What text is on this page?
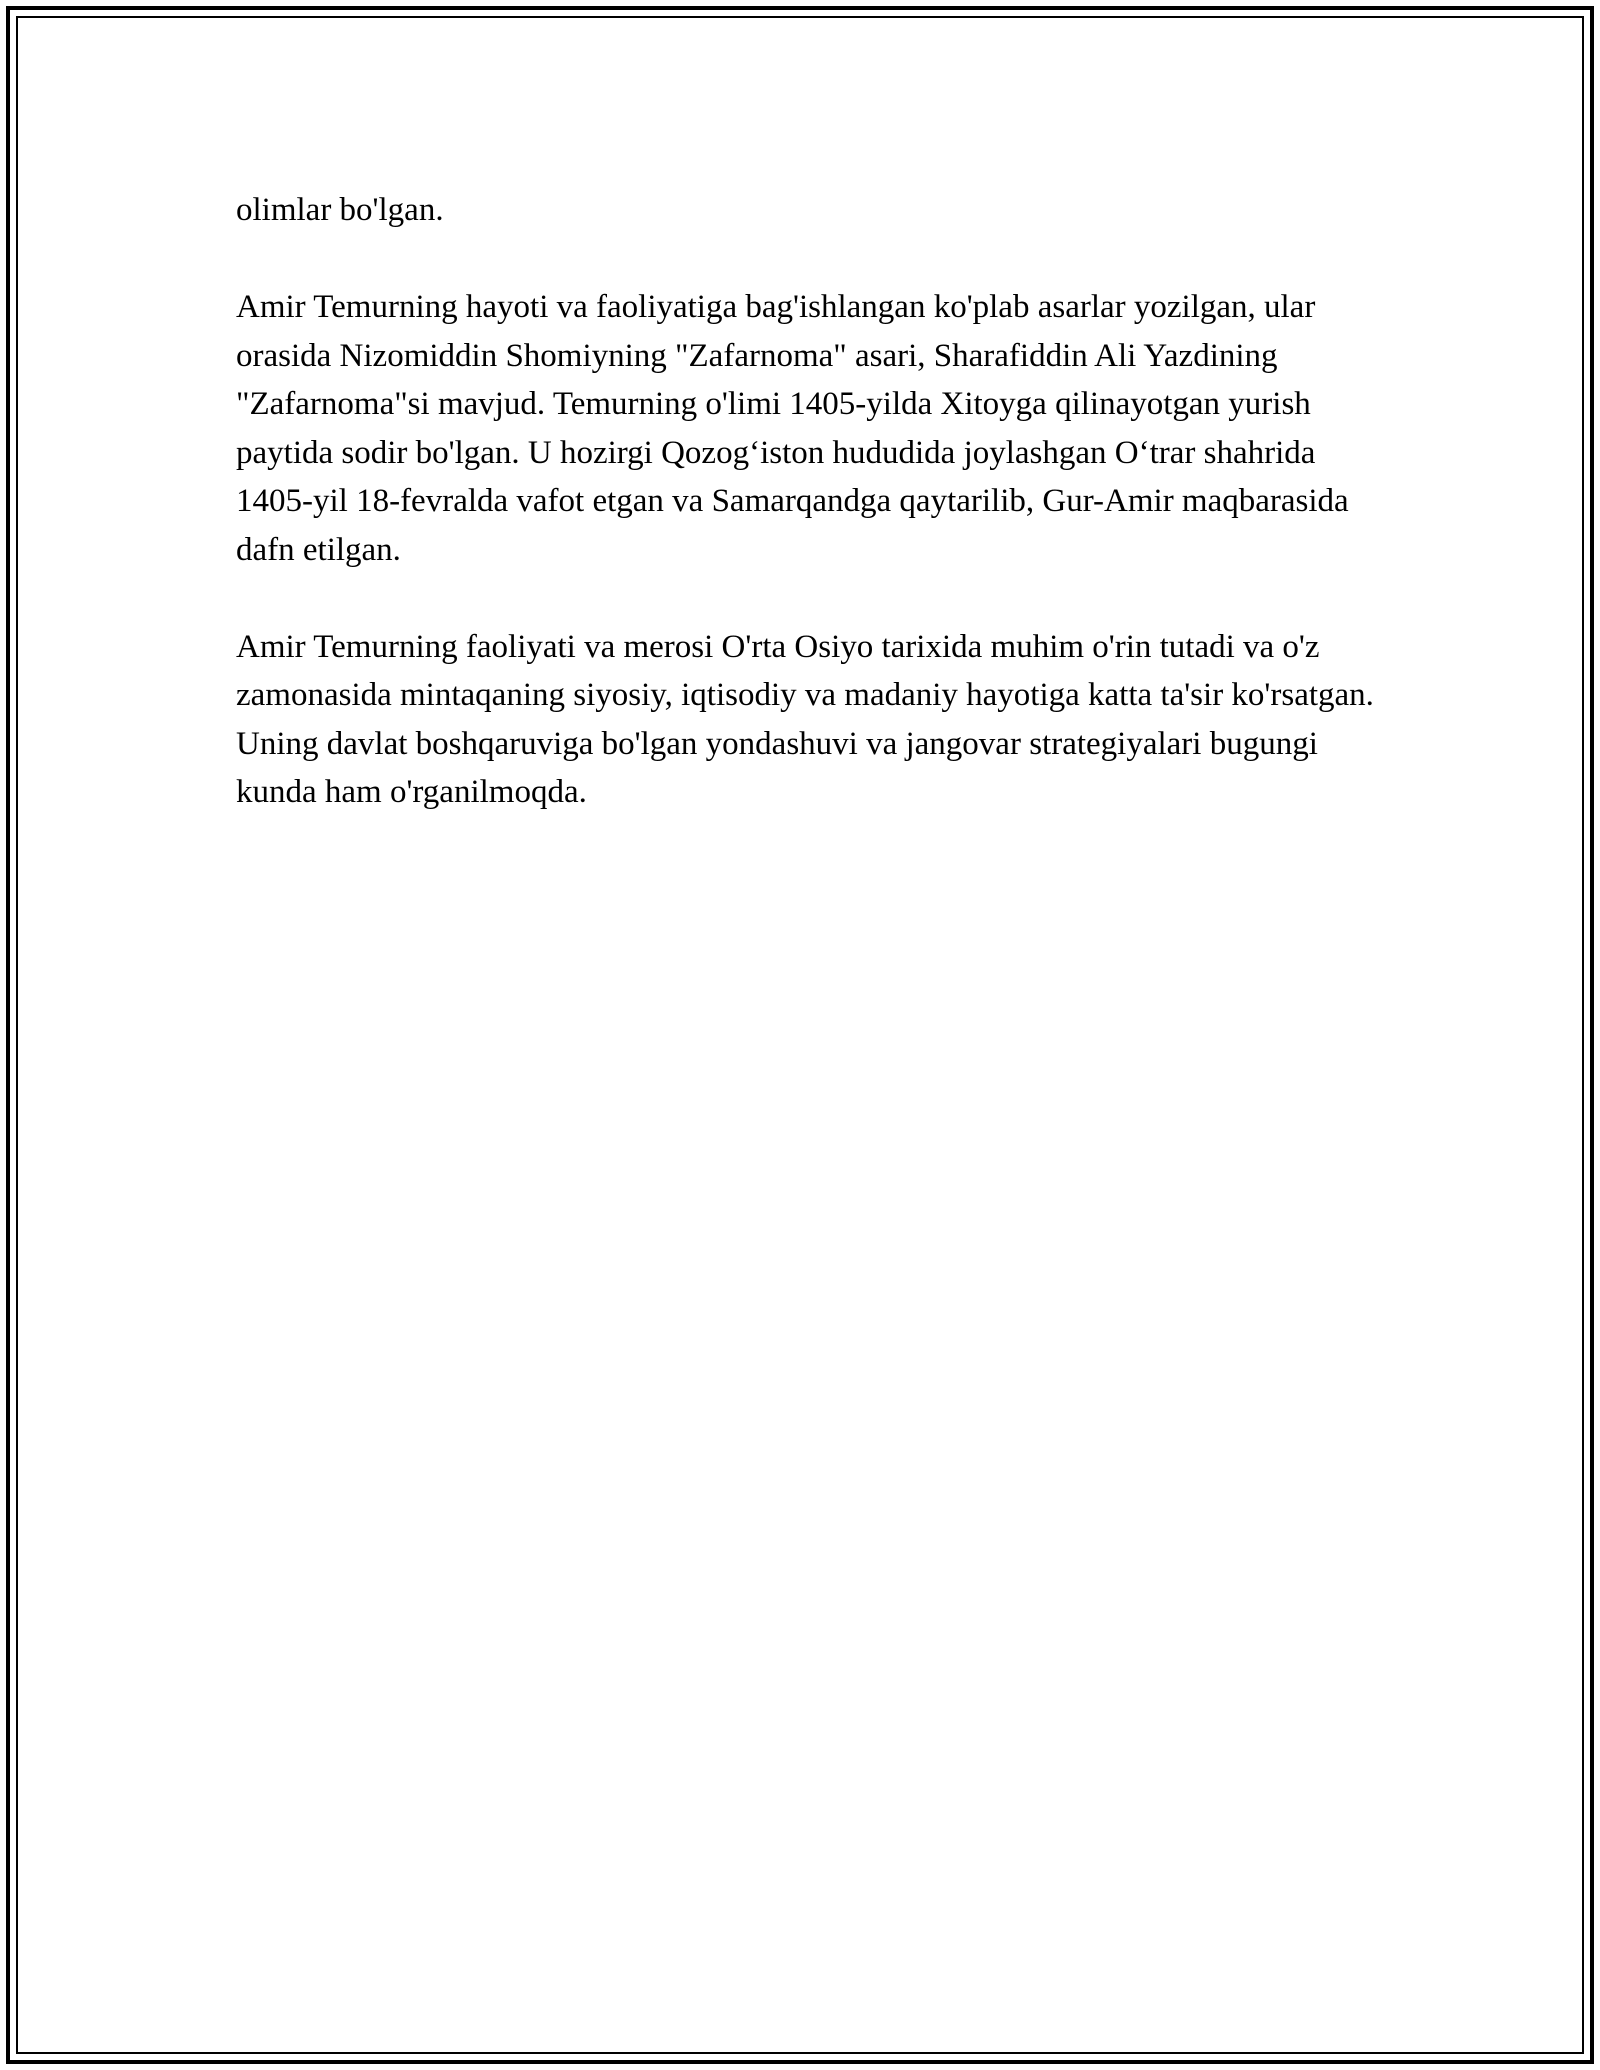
olimlar bo'lgan.

Amir Temurning hayoti va faoliyatiga bag'ishlangan ko'plab asarlar yozilgan, ular orasida Nizomiddin Shomiyning "Zafarnoma" asari, Sharafiddin Ali Yazdining "Zafarnoma"si mavjud. Temurning o'limi 1405-yilda Xitoyga qilinayotgan yurish paytida sodir bo'lgan. U hozirgi Qozog‘iston hududida joylashgan O‘trar shahrida 1405-yil 18-fevralda vafot etgan va Samarqandga qaytarilib, Gur-Amir maqbarasida dafn etilgan.

Amir Temurning faoliyati va merosi O'rta Osiyo tarixida muhim o'rin tutadi va o'z zamonasida mintaqaning siyosiy, iqtisodiy va madaniy hayotiga katta ta'sir ko'rsatgan. Uning davlat boshqaruviga bo'lgan yondashuvi va jangovar strategiyalari bugungi kunda ham o'rganilmoqda.
